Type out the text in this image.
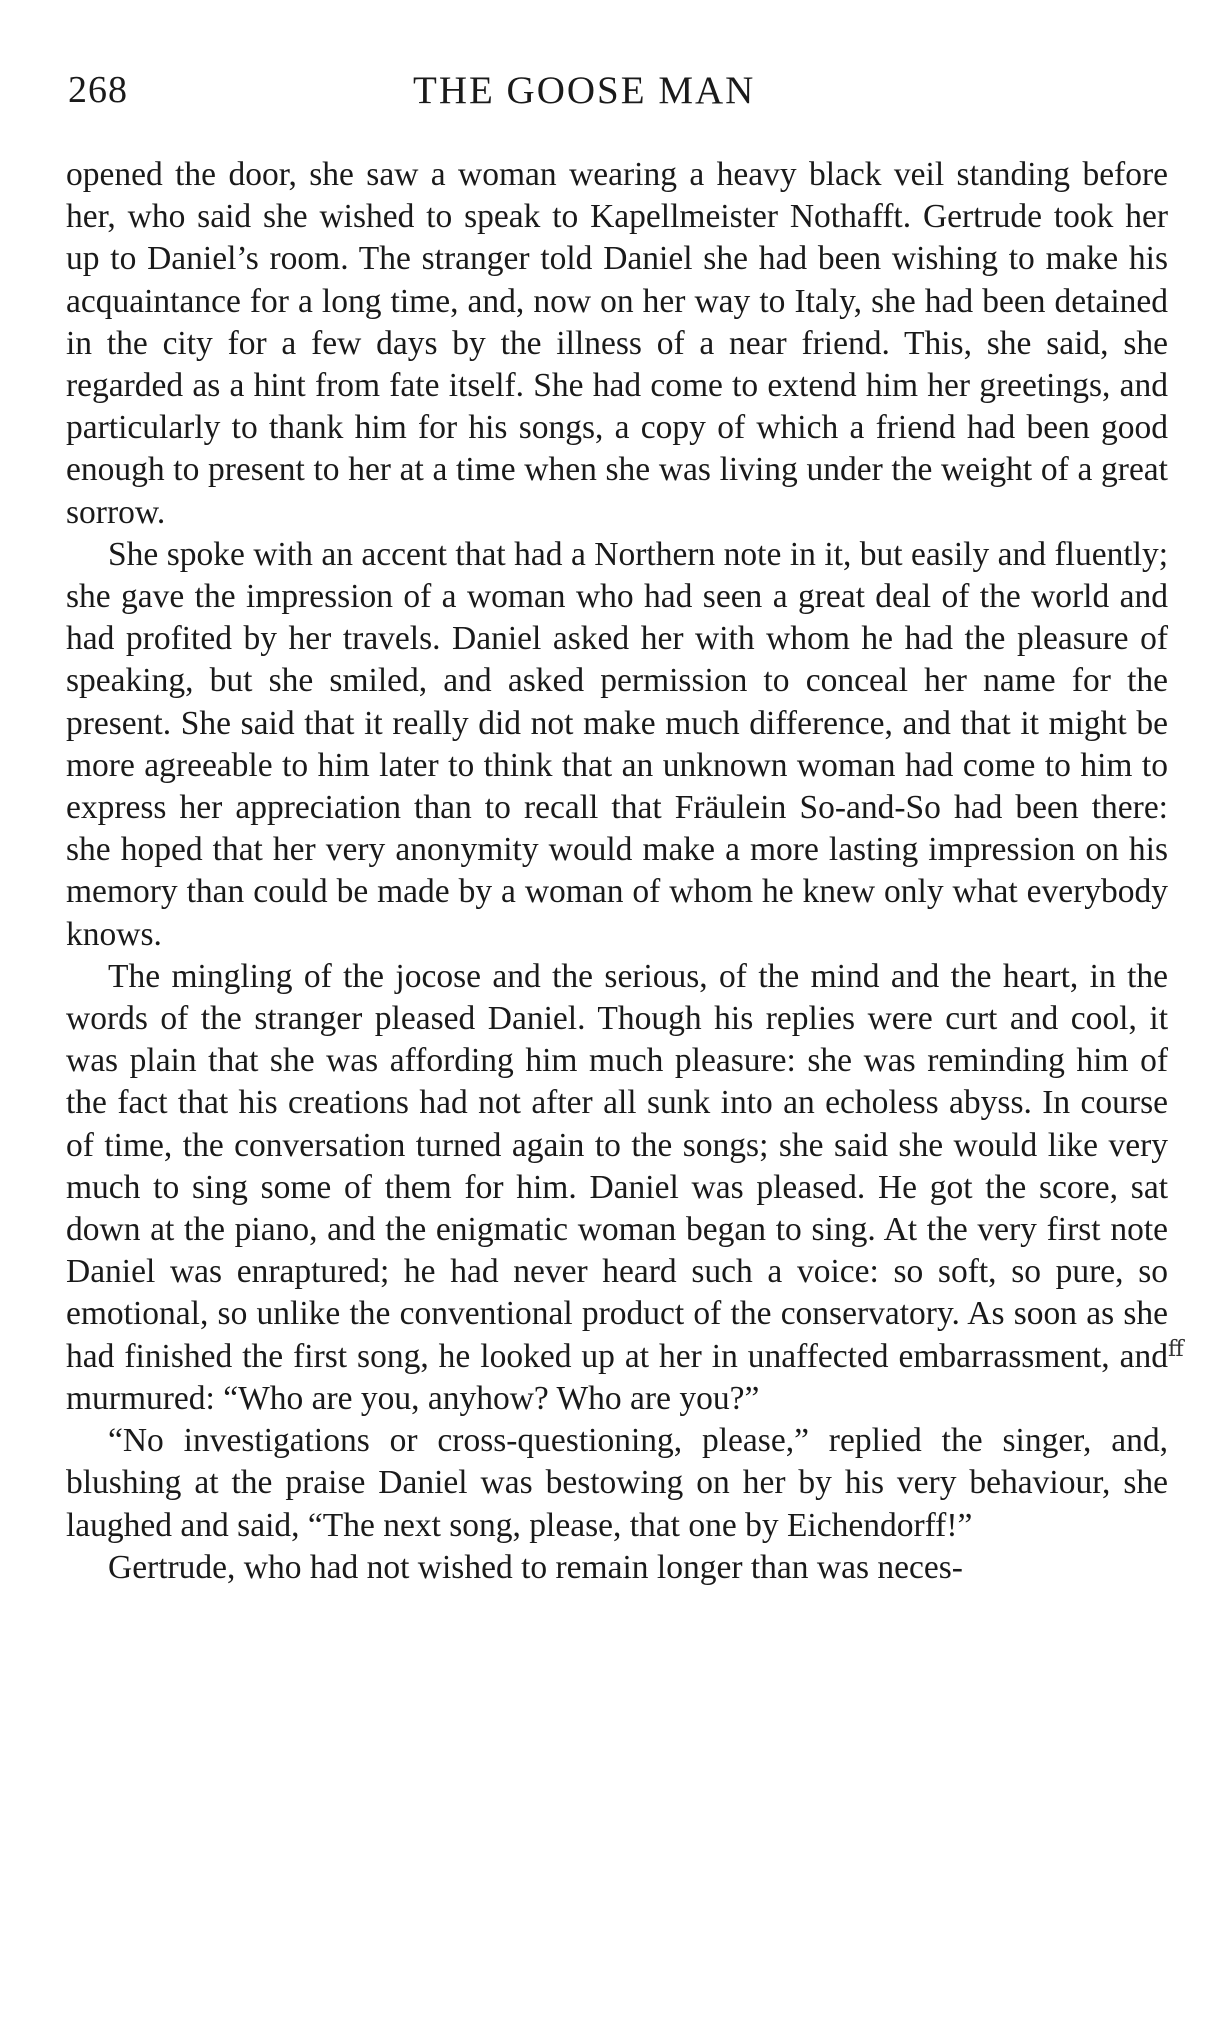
268	THE GOOSE MAN

opened the door, she saw a woman wearing a heavy black veil standing before her, who said she wished to speak to Kapellmeister Nothafft. Gertrude took her up to Daniel’s room. The stranger told Daniel she had been wishing to make his acquaintance for a long time, and, now on her way to Italy, she had been detained in the city for a few days by the illness of a near friend. This, she said, she regarded as a hint from fate itself. She had come to extend him her greetings, and particularly to thank him for his songs, a copy of which a friend had been good enough to present to her at a time when she was living under the weight of a great sorrow.

She spoke with an accent that had a Northern note in it, but easily and fluently; she gave the impression of a woman who had seen a great deal of the world and had profited by her travels. Daniel asked her with whom he had the pleasure of speaking, but she smiled, and asked permission to conceal her name for the present. She said that it really did not make much difference, and that it might be more agreeable to him later to think that an unknown woman had come to him to express her appreciation than to recall that Fräulein So-and-So had been there: she hoped that her very anonymity would make a more lasting impression on his memory than could be made by a woman of whom he knew only what everybody knows.

The mingling of the jocose and the serious, of the mind and the heart, in the words of the stranger pleased Daniel. Though his replies were curt and cool, it was plain that she was affording him much pleasure: she was reminding him of the fact that his creations had not after all sunk into an echoless abyss. In course of time, the conversation turned again to the songs; she said she would like very much to sing some of them for him. Daniel was pleased. He got the score, sat down at the piano, and the enigmatic woman began to sing. At the very first note Daniel was enraptured; he had never heard such a voice: so soft, so pure, so emotional, so unlike the conventional product of the conservatory. As soon as she had finished the first song, he looked up at her in unaffected embarrassment, and murmured: “Who are you, anyhow? Who are you?”

“No investigations or cross-questioning, please,” replied the singer, and, blushing at the praise Daniel was bestowing on her by his very behaviour, she laughed and said, “The next song, please, that one by Eichendorff!”

Gertrude, who had not wished to remain longer than was neces-

ﬀ
